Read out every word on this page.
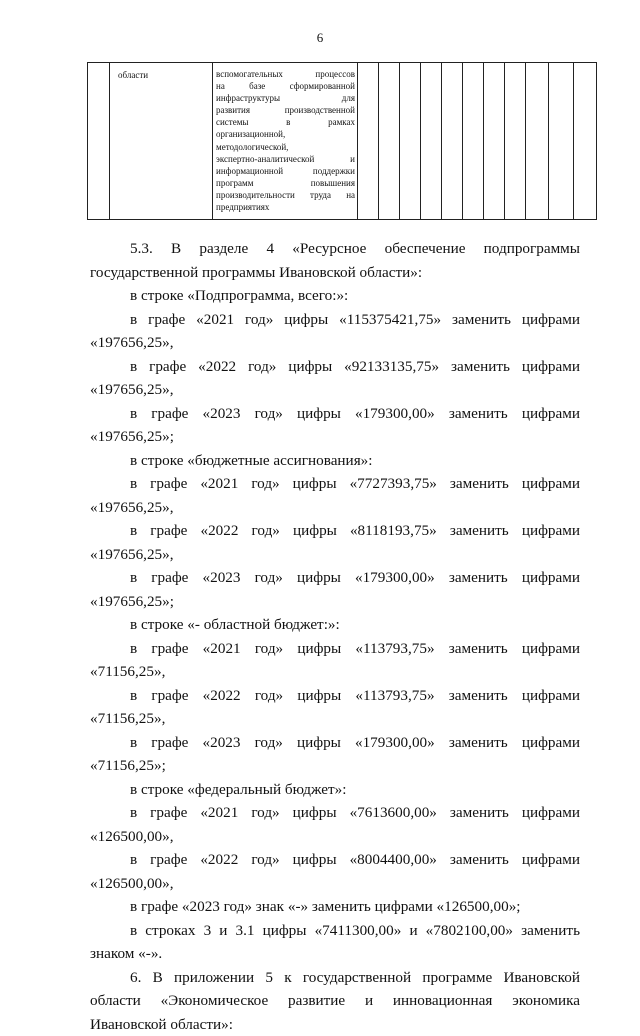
6
	области	вспомогательных процессов
на базе сформированной
инфраструктуры для
развития производственной
системы в рамках
организационной,
методологической,
экспертно-аналитической и
информационной поддержки
программ повышения
производительности труда на
предприятиях

5.3. В разделе 4 «Ресурсное обеспечение подпрограммы
государственной программы Ивановской области»:
в строке «Подпрограмма, всего:»:
в графе «2021 год» цифры «115375421,75» заменить цифрами
«197656,25»,
в графе «2022 год» цифры «92133135,75» заменить цифрами
«197656,25»,
в графе «2023 год» цифры «179300,00» заменить цифрами
«197656,25»;
в строке «бюджетные ассигнования»:
в графе «2021 год» цифры «7727393,75» заменить цифрами
«197656,25»,
в графе «2022 год» цифры «8118193,75» заменить цифрами
«197656,25»,
в графе «2023 год» цифры «179300,00» заменить цифрами
«197656,25»;
в строке «- областной бюджет:»:
в графе «2021 год» цифры «113793,75» заменить цифрами
«71156,25»,
в графе «2022 год» цифры «113793,75» заменить цифрами
«71156,25»,
в графе «2023 год» цифры «179300,00» заменить цифрами
«71156,25»;
в строке «федеральный бюджет»:
в графе «2021 год» цифры «7613600,00» заменить цифрами
«126500,00»,
в графе «2022 год» цифры «8004400,00» заменить цифрами
«126500,00»,
в графе «2023 год» знак «-» заменить цифрами «126500,00»;
в строках 3 и 3.1 цифры «7411300,00» и «7802100,00» заменить
знаком «-».
6. В приложении 5 к государственной программе Ивановской
области «Экономическое развитие и инновационная экономика
Ивановской области»:
